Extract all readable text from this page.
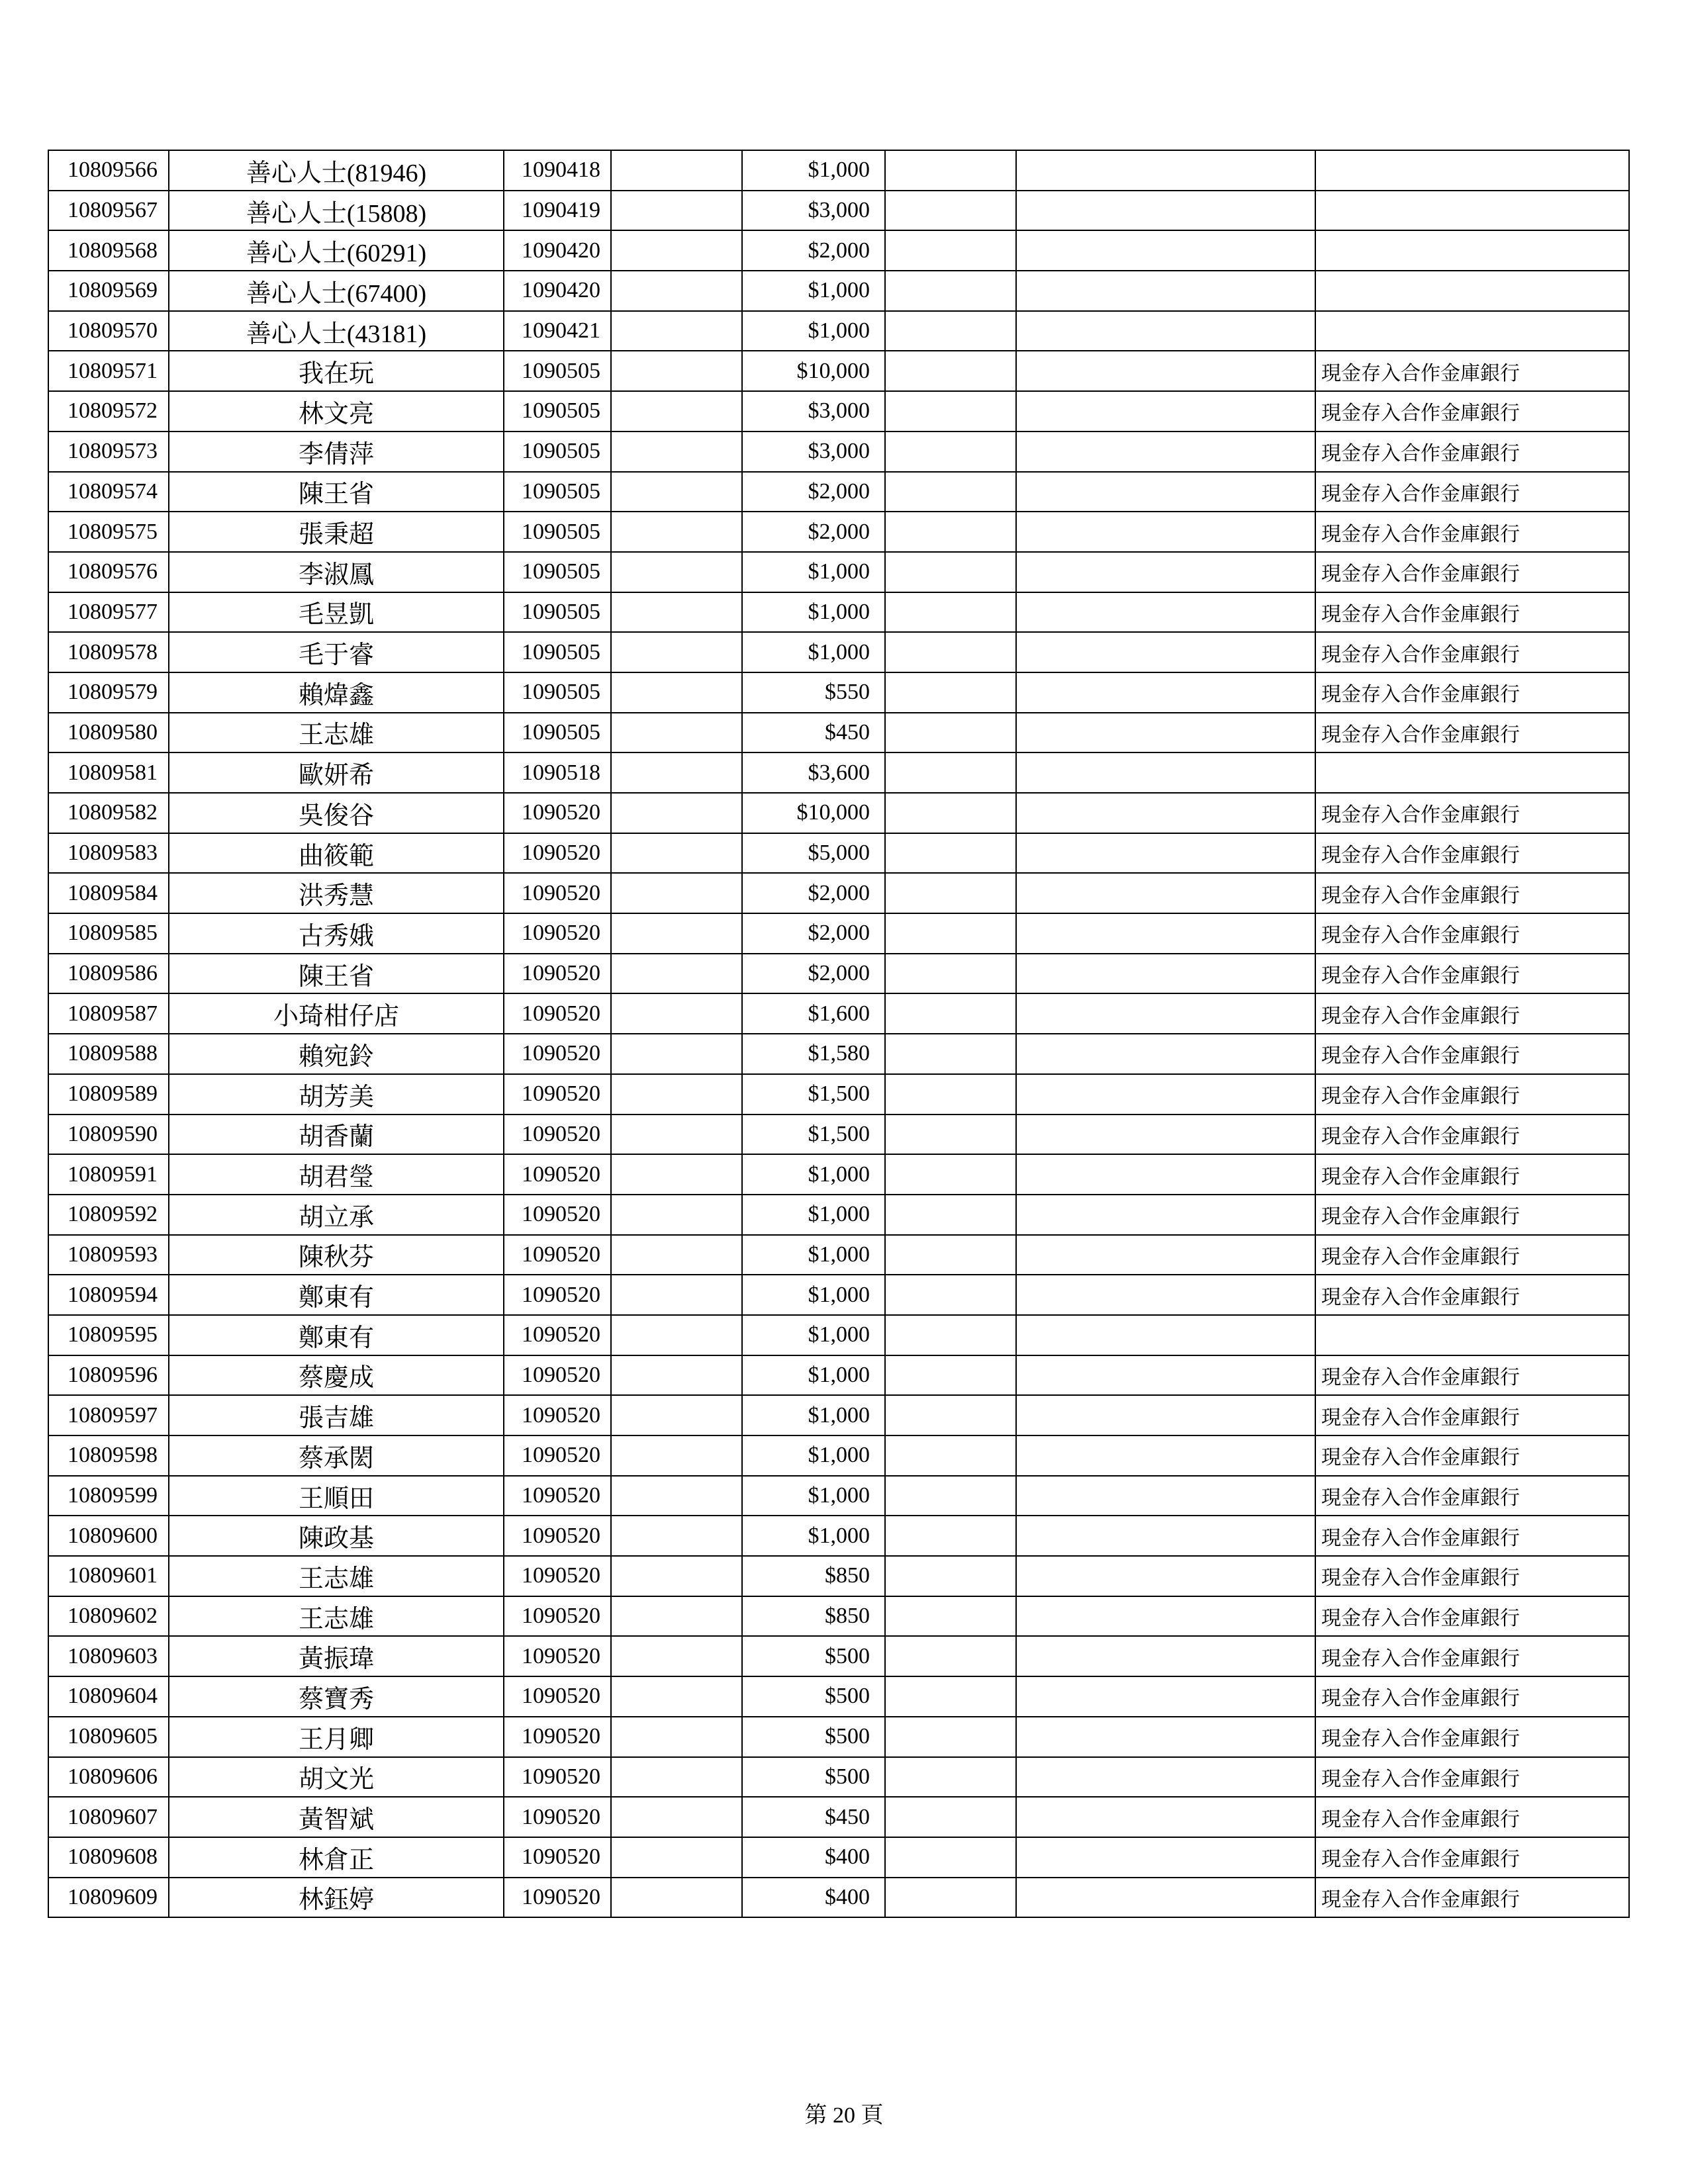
10809566	善心人士(81946)	1090418		$1,000			
10809567	善心人士(15808)	1090419		$3,000			
10809568	善心人士(60291)	1090420		$2,000			
10809569	善心人士(67400)	1090420		$1,000			
10809570	善心人士(43181)	1090421		$1,000			
10809571	我在玩	1090505		$10,000			現金存入合作金庫銀行
10809572	林文亮	1090505		$3,000			現金存入合作金庫銀行
10809573	李倩萍	1090505		$3,000			現金存入合作金庫銀行
10809574	陳王省	1090505		$2,000			現金存入合作金庫銀行
10809575	張秉超	1090505		$2,000			現金存入合作金庫銀行
10809576	李淑鳳	1090505		$1,000			現金存入合作金庫銀行
10809577	毛昱凱	1090505		$1,000			現金存入合作金庫銀行
10809578	毛于睿	1090505		$1,000			現金存入合作金庫銀行
10809579	賴煒鑫	1090505		$550			現金存入合作金庫銀行
10809580	王志雄	1090505		$450			現金存入合作金庫銀行
10809581	歐妍希	1090518		$3,600			
10809582	吳俊谷	1090520		$10,000			現金存入合作金庫銀行
10809583	曲筱範	1090520		$5,000			現金存入合作金庫銀行
10809584	洪秀慧	1090520		$2,000			現金存入合作金庫銀行
10809585	古秀娥	1090520		$2,000			現金存入合作金庫銀行
10809586	陳王省	1090520		$2,000			現金存入合作金庫銀行
10809587	小琦柑仔店	1090520		$1,600			現金存入合作金庫銀行
10809588	賴宛鈴	1090520		$1,580			現金存入合作金庫銀行
10809589	胡芳美	1090520		$1,500			現金存入合作金庫銀行
10809590	胡香蘭	1090520		$1,500			現金存入合作金庫銀行
10809591	胡君瑩	1090520		$1,000			現金存入合作金庫銀行
10809592	胡立承	1090520		$1,000			現金存入合作金庫銀行
10809593	陳秋芬	1090520		$1,000			現金存入合作金庫銀行
10809594	鄭東有	1090520		$1,000			現金存入合作金庫銀行
10809595	鄭東有	1090520		$1,000			
10809596	蔡慶成	1090520		$1,000			現金存入合作金庫銀行
10809597	張吉雄	1090520		$1,000			現金存入合作金庫銀行
10809598	蔡承閎	1090520		$1,000			現金存入合作金庫銀行
10809599	王順田	1090520		$1,000			現金存入合作金庫銀行
10809600	陳政基	1090520		$1,000			現金存入合作金庫銀行
10809601	王志雄	1090520		$850			現金存入合作金庫銀行
10809602	王志雄	1090520		$850			現金存入合作金庫銀行
10809603	黃振瑋	1090520		$500			現金存入合作金庫銀行
10809604	蔡寶秀	1090520		$500			現金存入合作金庫銀行
10809605	王月卿	1090520		$500			現金存入合作金庫銀行
10809606	胡文光	1090520		$500			現金存入合作金庫銀行
10809607	黃智斌	1090520		$450			現金存入合作金庫銀行
10809608	林倉正	1090520		$400			現金存入合作金庫銀行
10809609	林鈺婷	1090520		$400			現金存入合作金庫銀行
第 20 頁
